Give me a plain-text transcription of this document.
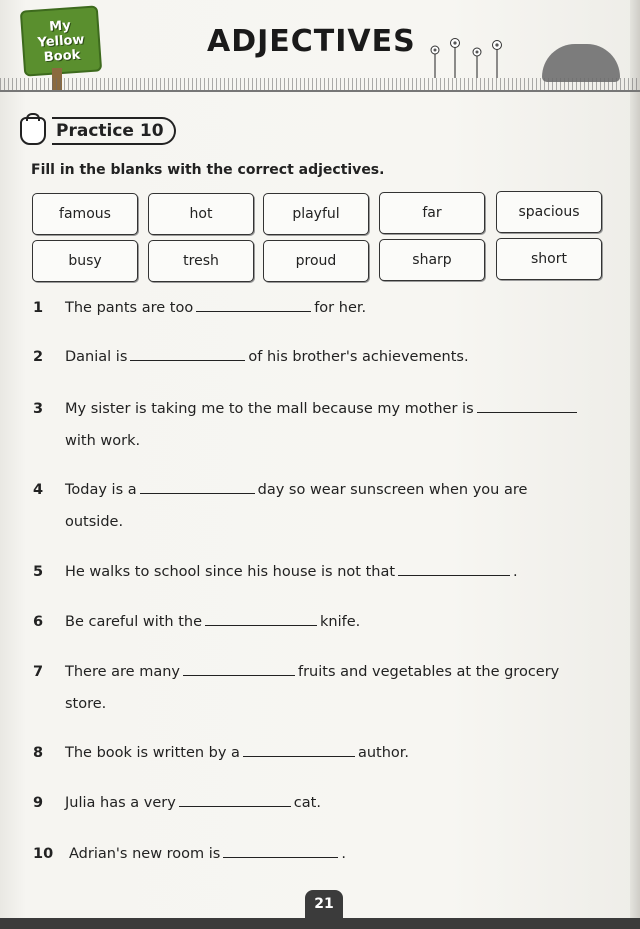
My
Yellow
Book	ADJECTIVES
Practice 10
Fill in the blanks with the correct adjectives.
famous	hot	playful	far	spacious
busy	tresh	proud	sharp	short
1 The pants are too	for her.
2 Danial is	of his brother's achievements.
3 My sister is taking me to the mall because my mother is
with work.
4 Today is a	day so wear sunscreen when you are
outside.
5 He walks to school since his house is not that	.
6 Be careful with the	knife.
7 There are many	fruits and vegetables at the grocery
store.
8 The book is written by a	author.
9 Julia has a very	cat.
10 Adrian's new room is	.
21
